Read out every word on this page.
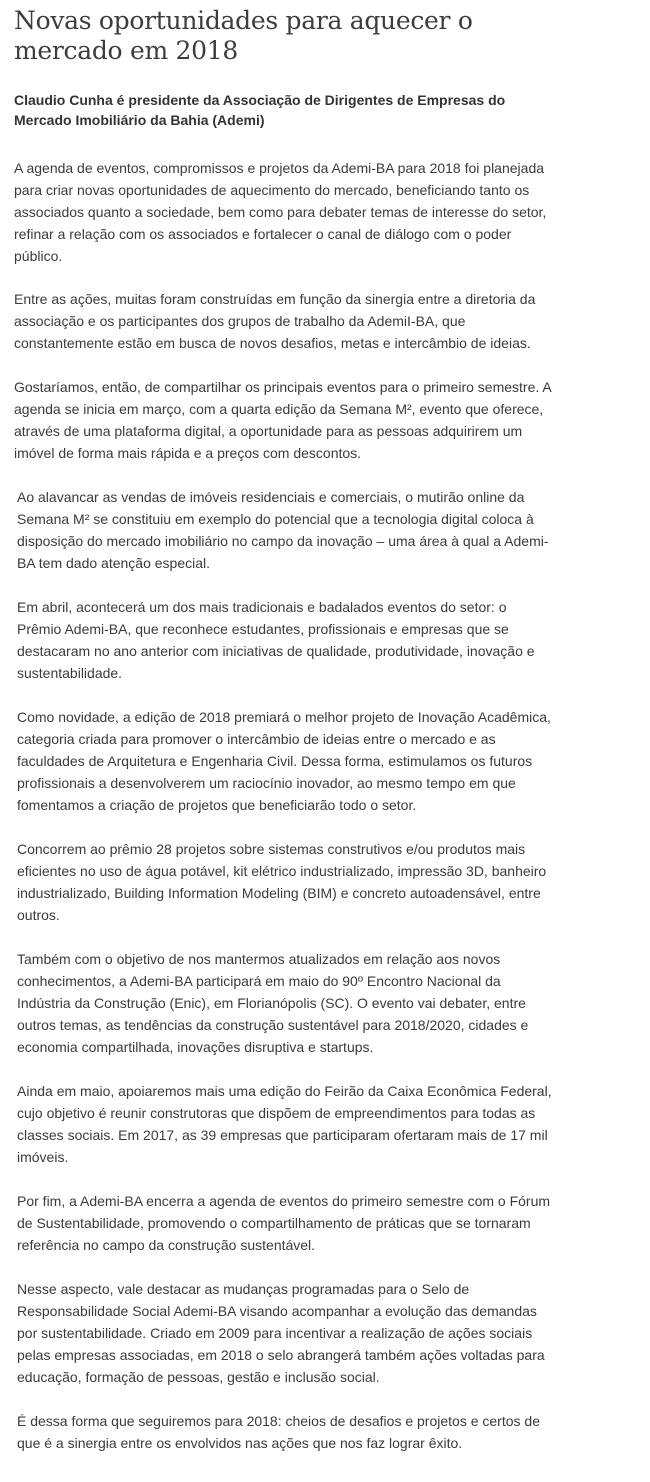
Novas oportunidades para aquecer o mercado em 2018

Claudio Cunha é presidente da Associação de Dirigentes de Empresas do Mercado Imobiliário da Bahia (Ademi)

A agenda de eventos, compromissos e projetos da Ademi-BA para 2018 foi planejada para criar novas oportunidades de aquecimento do mercado, beneficiando tanto os associados quanto a sociedade, bem como para debater temas de interesse do setor, refinar a relação com os associados e fortalecer o canal de diálogo com o poder público.

Entre as ações, muitas foram construídas em função da sinergia entre a diretoria da associação e os participantes dos grupos de trabalho da AdemiI-BA, que constantemente estão em busca de novos desafios, metas e intercâmbio de ideias.

Gostaríamos, então, de compartilhar os principais eventos para o primeiro semestre. A agenda se inicia em março, com a quarta edição da Semana M², evento que oferece, através de uma plataforma digital, a oportunidade para as pessoas adquirirem um imóvel de forma mais rápida e a preços com descontos.

Ao alavancar as vendas de imóveis residenciais e comerciais, o mutirão online da Semana M² se constituiu em exemplo do potencial que a tecnologia digital coloca à disposição do mercado imobiliário no campo da inovação – uma área à qual a Ademi-BA tem dado atenção especial.

Em abril, acontecerá um dos mais tradicionais e badalados eventos do setor: o Prêmio Ademi-BA, que reconhece estudantes, profissionais e empresas que se destacaram no ano anterior com iniciativas de qualidade, produtividade, inovação e sustentabilidade.

Como novidade, a edição de 2018 premiará o melhor projeto de Inovação Acadêmica, categoria criada para promover o intercâmbio de ideias entre o mercado e as faculdades de Arquitetura e Engenharia Civil. Dessa forma, estimulamos os futuros profissionais a desenvolverem um raciocínio inovador, ao mesmo tempo em que fomentamos a criação de projetos que beneficiarão todo o setor.

Concorrem ao prêmio 28 projetos sobre sistemas construtivos e/ou produtos mais eficientes no uso de água potável, kit elétrico industrializado, impressão 3D, banheiro industrializado, Building Information Modeling (BIM) e concreto autoadensável, entre outros.

Também com o objetivo de nos mantermos atualizados em relação aos novos conhecimentos, a Ademi-BA participará em maio do 90º Encontro Nacional da Indústria da Construção (Enic), em Florianópolis (SC). O evento vai debater, entre outros temas, as tendências da construção sustentável para 2018/2020, cidades e economia compartilhada, inovações disruptiva e startups.

Ainda em maio, apoiaremos mais uma edição do Feirão da Caixa Econômica Federal, cujo objetivo é reunir construtoras que dispõem de empreendimentos para todas as classes sociais. Em 2017, as 39 empresas que participaram ofertaram mais de 17 mil imóveis.

Por fim, a Ademi-BA encerra a agenda de eventos do primeiro semestre com o Fórum de Sustentabilidade, promovendo o compartilhamento de práticas que se tornaram referência no campo da construção sustentável.

Nesse aspecto, vale destacar as mudanças programadas para o Selo de Responsabilidade Social Ademi-BA visando acompanhar a evolução das demandas por sustentabilidade. Criado em 2009 para incentivar a realização de ações sociais pelas empresas associadas, em 2018 o selo abrangerá também ações voltadas para educação, formação de pessoas, gestão e inclusão social.

É dessa forma que seguiremos para 2018: cheios de desafios e projetos e certos de que é a sinergia entre os envolvidos nas ações que nos faz lograr êxito.
